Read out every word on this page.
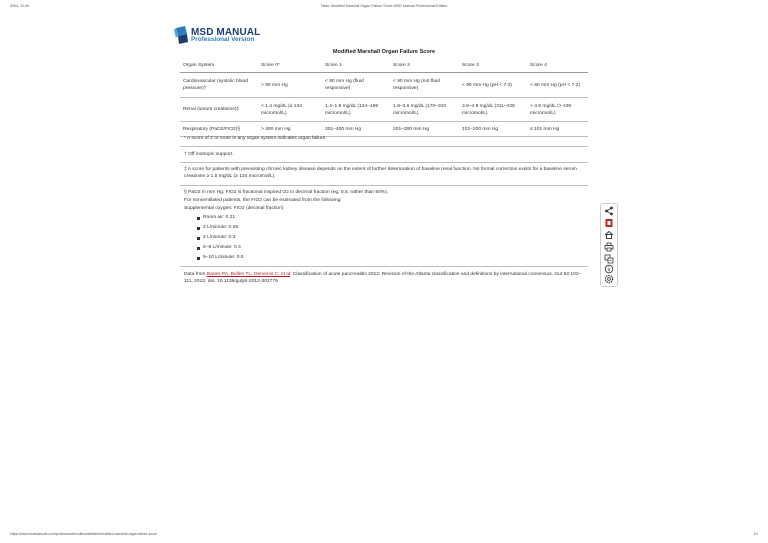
5/5/4, 12:49	Table: Modified Marshall Organ Failure Score-MSD Manual Professional Edition
MSD MANUAL
Professional Version
Modified Marshall Organ Failure Score
Organ System	Score 0*	Score 1	Score 2	Score 3	Score 4
Cardiovascular (systolic blood pressure)†	> 90 mm Hg	< 90 mm Hg (fluid responsive)	< 90 mm Hg (not fluid responsive)	< 90 mm Hg (pH < 7.3)	< 90 mm Hg (pH < 7.2)
Renal (serum creatinine)‡	< 1.4 mg/dL (≤ 134 micromol/L)	1.4–1.8 mg/dL (134–169 micromol/L)	1.9–3.6 mg/dL (170–310 micromol/L)	3.6–4.9 mg/dL (311–439 micromol/L)	> 4.9 mg/dL (> 439 micromol/L)
Respiratory (PaO2/FIO2)§	> 400 mm Hg	301–400 mm Hg	201–300 mm Hg	101–200 mm Hg	≤ 101 mm Hg
* A score of 2 or more in any organ system indicates organ failure.
† Off inotropic support.
‡ A score for patients with preexisting chronic kidney disease depends on the extent of further deterioration of baseline renal function. No formal correction exists for a baseline serum creatinine ≥ 1.5 mg/dL (≥ 134 micromol/L).
§ PaO2 in mm Hg; FIO2 is fractional inspired O2 in decimal fraction (eg, 0.5, rather than 50%).
For nonventilated patients, the FIO2 can be estimated from the following:
Supplemental oxygen: FIO2 (decimal fraction)
Room air: 0.21
2 L/minute: 0.25
4 L/minute: 0.3
6–8 L/minute: 0.4
9–10 L/minute: 0.5
Data from Banks PA, Bollen TL, Dervenis C, et al: Classification of acute pancreatitis 2012: Revision of the Atlanta classification and definitions by international consensus. Gut 62:102–111, 2013. doi: 10.1136/gutjnl-2012-302779
https://www.msdmanuals.com/professional/multimedia/table/modified-marshall-organ-failure-score	1/1
